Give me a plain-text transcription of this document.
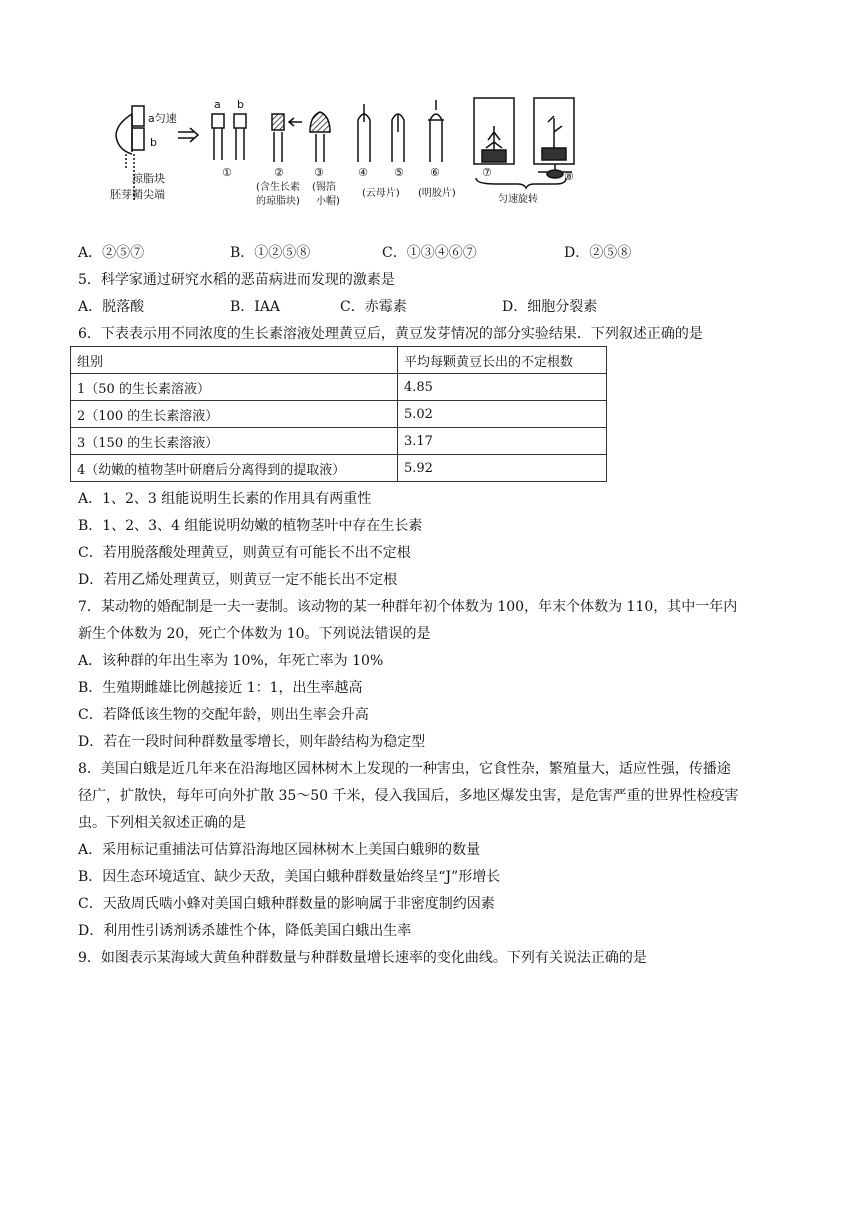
a匀速
b
琼脂块
胚芽鞘尖端
a b
①	②
(含生长素
的琼脂块)
③
(锡箔
小帽)
④ ⑤
(云母片)
⑥
(明胶片)
⑦	⑧
匀速旋转
A．②⑤⑦	B．①②⑤⑧	C．①③④⑥⑦	D．②⑤⑧
5．科学家通过研究水稻的恶苗病进而发现的激素是
A．脱落酸	B．IAA	C．赤霉素	D．细胞分裂素
6．下表表示用不同浓度的生长素溶液处理黄豆后，黄豆发芽情况的部分实验结果．下列叙述正确的是
组别	平均每颗黄豆长出的不定根数
1（50 的生长素溶液）	4.85
2（100 的生长素溶液）	5.02
3（150 的生长素溶液）	3.17
4（幼嫩的植物茎叶研磨后分离得到的提取液）	5.92
A．1、2、3 组能说明生长素的作用具有两重性
B．1、2、3、4 组能说明幼嫩的植物茎叶中存在生长素
C．若用脱落酸处理黄豆，则黄豆有可能长不出不定根
D．若用乙烯处理黄豆，则黄豆一定不能长出不定根
7．某动物的婚配制是一夫一妻制。该动物的某一种群年初个体数为 100，年末个体数为 110，其中一年内
新生个体数为 20，死亡个体数为 10。下列说法错误的是
A．该种群的年出生率为 10%，年死亡率为 10%
B．生殖期雌雄比例越接近 1：1，出生率越高
C．若降低该生物的交配年龄，则出生率会升高
D．若在一段时间种群数量零增长，则年龄结构为稳定型
8．美国白蛾是近几年来在沿海地区园林树木上发现的一种害虫，它食性杂，繁殖量大，适应性强，传播途
径广，扩散快，每年可向外扩散 35～50 千米，侵入我国后，多地区爆发虫害，是危害严重的世界性检疫害
虫。下列相关叙述正确的是
A．采用标记重捕法可估算沿海地区园林树木上美国白蛾卵的数量
B．因生态环境适宜、缺少天敌，美国白蛾种群数量始终呈“J”形增长
C．天敌周氏啮小蜂对美国白蛾种群数量的影响属于非密度制约因素
D．利用性引诱剂诱杀雄性个体，降低美国白蛾出生率
9．如图表示某海域大黄鱼种群数量与种群数量增长速率的变化曲线。下列有关说法正确的是
